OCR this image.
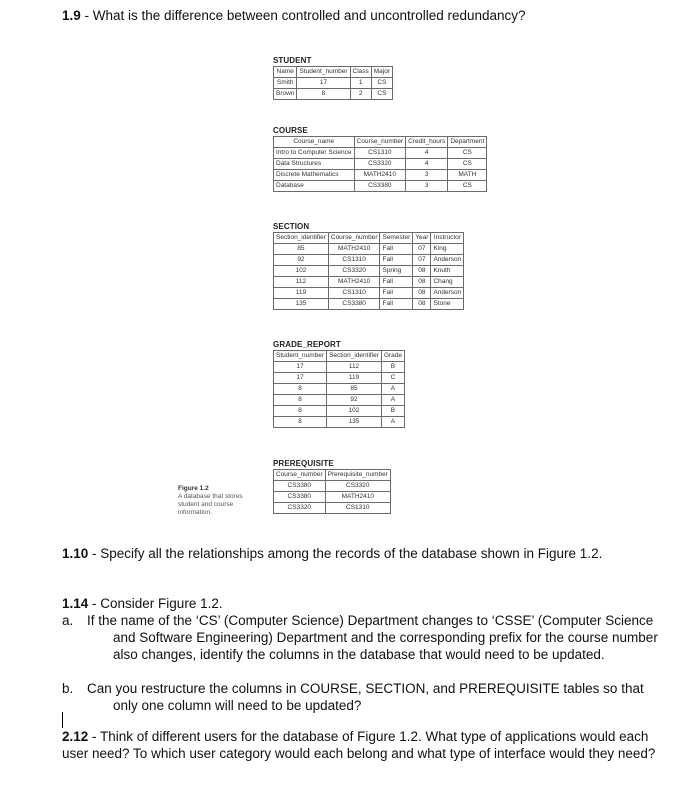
1.9 - What is the difference between controlled and uncontrolled redundancy?
STUDENT
Name	Student_number	Class	Major
Smith	17	1	CS
Brown	8	2	CS
COURSE
Course_name	Course_number	Credit_hours	Department
Intro to Computer Science	CS1310	4	CS
Data Structures	CS3320	4	CS
Discrete Mathematics	MATH2410	3	MATH
Database	CS3380	3	CS
SECTION
Section_identifier	Course_number	Semester	Year	Instructor
85	MATH2410	Fall	07	King
92	CS1310	Fall	07	Anderson
102	CS3320	Spring	08	Knuth
112	MATH2410	Fall	08	Chang
119	CS1310	Fall	08	Anderson
135	CS3380	Fall	08	Stone
GRADE_REPORT
Student_number	Section_identifier	Grade
17	112	B
17	119	C
8	85	A
8	92	A
8	102	B
8	135	A
PREREQUISITE
Course_number	Prerequisite_number
CS3380	CS3320
CS3380	MATH2410
CS3320	CS1310
Figure 1.2
A database that stores student and course information.
1.10 - Specify all the relationships among the records of the database shown in Figure 1.2.
1.14 - Consider Figure 1.2.
a. If the name of the ‘CS’ (Computer Science) Department changes to ‘CSSE’ (Computer Science and Software Engineering) Department and the corresponding prefix for the course number also changes, identify the columns in the database that would need to be updated.
b. Can you restructure the columns in COURSE, SECTION, and PREREQUISITE tables so that only one column will need to be updated?
2.12 - Think of different users for the database of Figure 1.2. What type of applications would each user need? To which user category would each belong and what type of interface would they need?
